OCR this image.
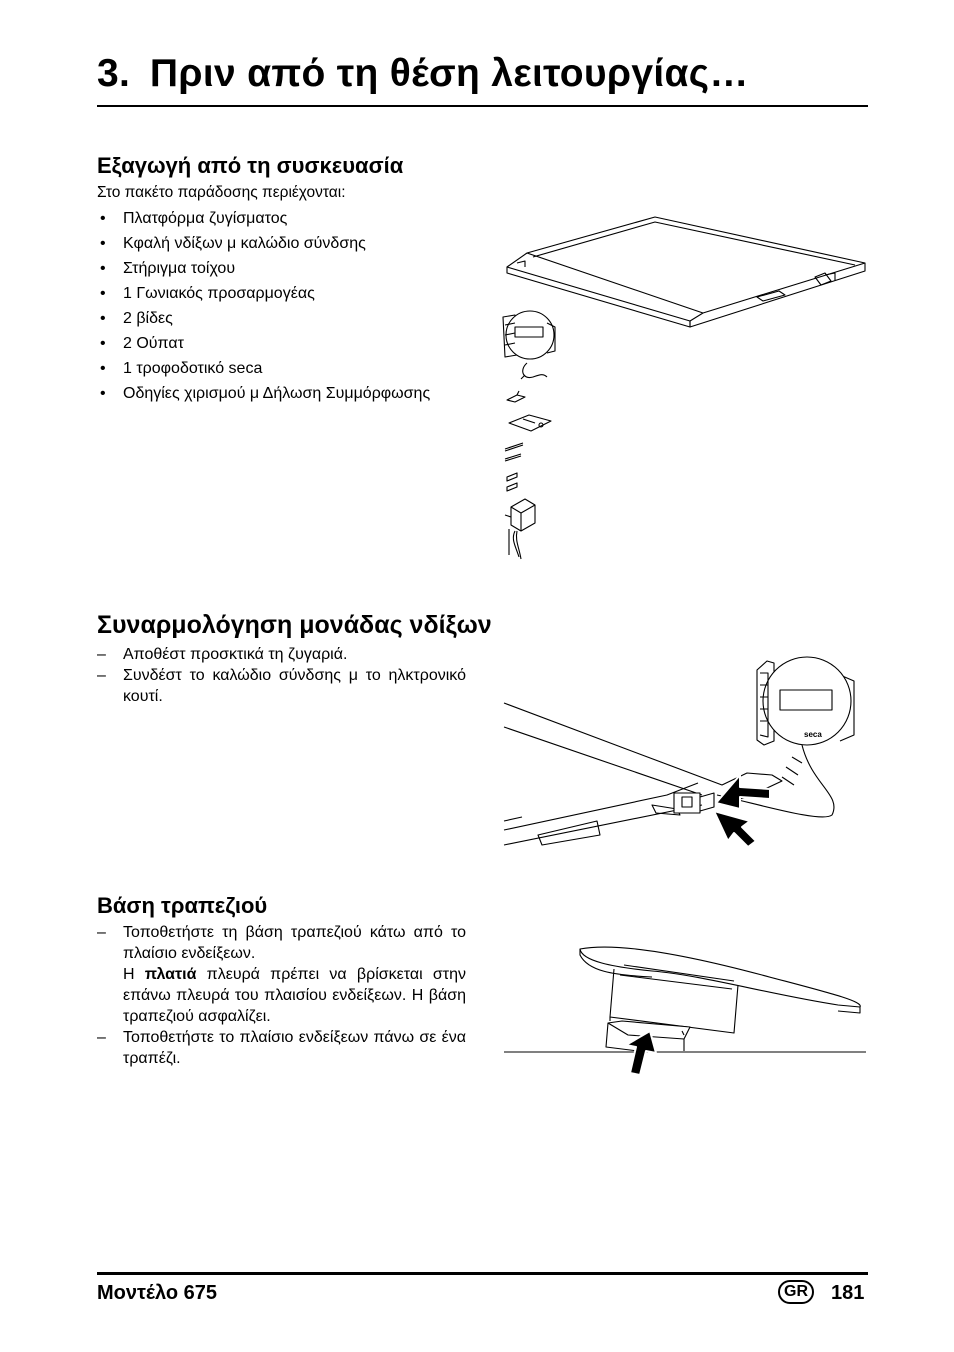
3. Πριν από τη θέση λειτουργίας…
Εξαγωγή από τη συσκευασία
Στο πακέτο παράδοσης περιέχονται:
• Πλατφόρμα ζυγίσματος
• Κφαλή νδίξων μ καλώδιο σύνδσης
• Στήριγμα τοίχου
• 1 Γωνιακός προσαρμογέας
• 2 βίδες
• 2 Ούπατ
• 1 τροφοδοτικό seca
• Οδηγίες χιρισμού μ Δήλωση Συμμόρφωσης
Συναρμολόγηση μονάδας νδίξων
– Αποθέστ προσκτικά τη ζυγαριά.
– Συνδέστ το καλώδιο σύνδσης μ το ηλκτρονικό κουτί.
seca
Βάση τραπεζιού
– Τοποθετήστε τη βάση τραπεζιού κάτω από το πλαίσιο ενδείξεων.
Η πλατιά πλευρά πρέπει να βρίσκεται στην επάνω πλευρά του πλαισίου ενδείξεων. Η βάση τραπεζιού ασφαλίζει.
– Τοποθετήστε το πλαίσιο ενδείξεων πάνω σε ένα τραπέζι.
Μοντέλο 675	GR	181
